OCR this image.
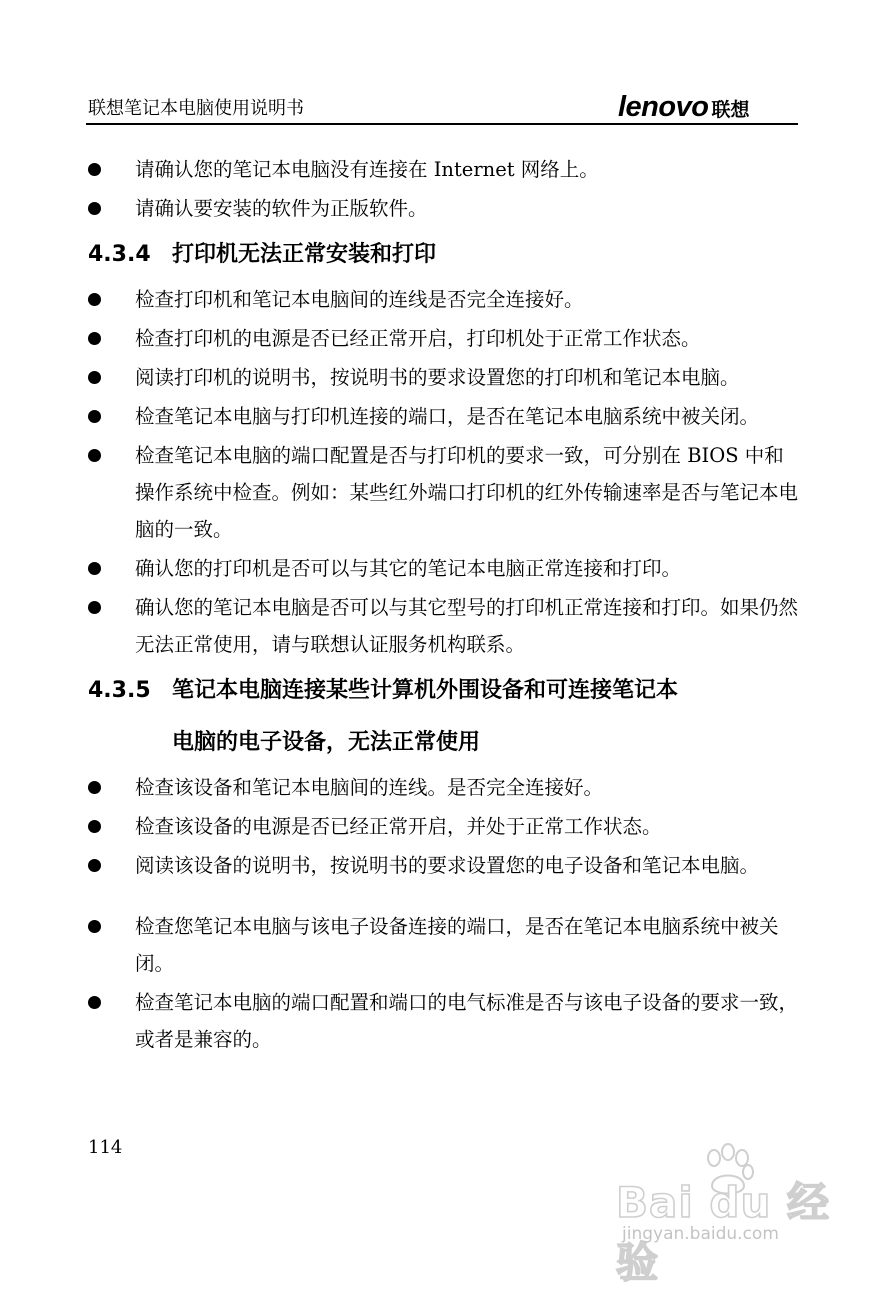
联想笔记本电脑使用说明书	lenovo 联想
请确认您的笔记本电脑没有连接在 Internet 网络上。
请确认要安装的软件为正版软件。
4.3.4 打印机无法正常安装和打印
检查打印机和笔记本电脑间的连线是否完全连接好。
检查打印机的电源是否已经正常开启，打印机处于正常工作状态。
阅读打印机的说明书，按说明书的要求设置您的打印机和笔记本电脑。
检查笔记本电脑与打印机连接的端口，是否在笔记本电脑系统中被关闭。
检查笔记本电脑的端口配置是否与打印机的要求一致，可分别在 BIOS 中和操作系统中检查。例如：某些红外端口打印机的红外传输速率是否与笔记本电脑的一致。
确认您的打印机是否可以与其它的笔记本电脑正常连接和打印。
确认您的笔记本电脑是否可以与其它型号的打印机正常连接和打印。如果仍然无法正常使用，请与联想认证服务机构联系。
4.3.5 笔记本电脑连接某些计算机外围设备和可连接笔记本
电脑的电子设备，无法正常使用
检查该设备和笔记本电脑间的连线。是否完全连接好。
检查该设备的电源是否已经正常开启，并处于正常工作状态。
阅读该设备的说明书，按说明书的要求设置您的电子设备和笔记本电脑。
检查您笔记本电脑与该电子设备连接的端口，是否在笔记本电脑系统中被关闭。
检查笔记本电脑的端口配置和端口的电气标准是否与该电子设备的要求一致，或者是兼容的。
114
Bai du 经验
jingyan.baidu.com
